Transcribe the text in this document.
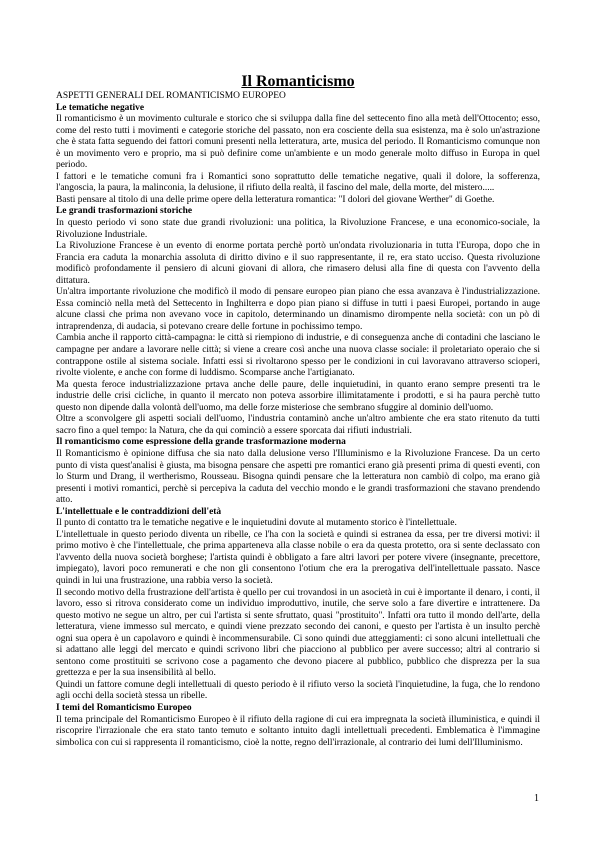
Il Romanticismo
ASPETTI GENERALI DEL ROMANTICISMO EUROPEO
Le tematiche negative
Il romanticismo è un movimento culturale e storico che si sviluppa dalla fine del settecento fino alla metà dell'Ottocento; esso, come del resto tutti i movimenti e categorie storiche del passato, non era cosciente della sua esistenza, ma è solo un'astrazione che è stata fatta seguendo dei fattori comuni presenti nella letteratura, arte, musica del periodo. Il Romanticismo comunque non è un movimento vero e proprio, ma si può definire come un'ambiente e un modo generale molto diffuso in Europa in quel periodo.
I fattori e le tematiche comuni fra i Romantici sono soprattutto delle tematiche negative, quali il dolore, la sofferenza, l'angoscia, la paura, la malinconia, la delusione, il rifiuto della realtà, il fascino del male, della morte, del mistero.....
Basti pensare al titolo di una delle prime opere della letteratura romantica: "I dolori del giovane Werther" di Goethe.
Le grandi trasformazioni storiche
In questo periodo vi sono state due grandi rivoluzioni: una politica, la Rivoluzione Francese, e una economico-sociale, la Rivoluzione Industriale.
La Rivoluzione Francese è un evento di enorme portata perchè portò un'ondata rivoluzionaria in tutta l'Europa, dopo che in Francia era caduta la monarchia assoluta di diritto divino e il suo rappresentante, il re, era stato ucciso. Questa rivoluzione modificò profondamente il pensiero di alcuni giovani di allora, che rimasero delusi alla fine di questa con l'avvento della dittatura.
Un'altra importante rivoluzione che modificò il modo di pensare europeo pian piano che essa avanzava è l'industrializzazione. Essa cominciò nella metà del Settecento in Inghilterra e dopo pian piano si diffuse in tutti i paesi Europei, portando in auge alcune classi che prima non avevano voce in capitolo, determinando un dinamismo dirompente nella società: con un pò di intraprendenza, di audacia, si potevano creare delle fortune in pochissimo tempo.
Cambia anche il rapporto città-campagna: le città si riempiono di industrie, e di conseguenza anche di contadini che lasciano le campagne per andare a lavorare nelle città; si viene a creare così anche una nuova classe sociale: il proletariato operaio che si contrappone ostile al sistema sociale. Infatti essi si rivoltarono spesso per le condizioni in cui lavoravano attraverso scioperi, rivolte violente, e anche con forme di luddismo. Scomparse anche l'artigianato.
Ma questa feroce industrializzazione prtava anche delle paure, delle inquietudini, in quanto erano sempre presenti tra le industrie delle crisi cicliche, in quanto il mercato non poteva assorbire illimitatamente i prodotti, e si ha paura perchè tutto questo non dipende dalla volontà dell'uomo, ma delle forze misteriose che sembrano sfuggire al dominio dell'uomo.
Oltre a sconvolgere gli aspetti sociali dell'uomo, l'industria contaminò anche un'altro ambiente che era stato ritenuto da tutti sacro fino a quel tempo: la Natura, che da qui cominciò a essere sporcata dai rifiuti industriali.
Il romanticismo come espressione della grande trasformazione moderna
Il Romanticismo è opinione diffusa che sia nato dalla delusione verso l'Illuminismo e la Rivoluzione Francese. Da un certo punto di vista quest'analisi è giusta, ma bisogna pensare che aspetti pre romantici erano già presenti prima di questi eventi, con lo Sturm und Drang, il wertherismo, Rousseau. Bisogna quindi pensare che la letteratura non cambiò di colpo, ma erano già presenti i motivi romantici, perchè si percepiva la caduta del vecchio mondo e le grandi trasformazioni che stavano prendendo atto.
L'intellettuale e le contraddizioni dell'età
Il punto di contatto tra le tematiche negative e le inquietudini dovute al mutamento storico è l'intellettuale.
L'intellettuale in questo periodo diventa un ribelle, ce l'ha con la società e quindi si estranea da essa, per tre diversi motivi: il primo motivo è che l'intellettuale, che prima apparteneva alla classe nobile o era da questa protetto, ora si sente declassato con l'avvento della nuova società borghese; l'artista quindi è obbligato a fare altri lavori per potere vivere (insegnante, precettore, impiegato), lavori poco remunerati e che non gli consentono l'otium che era la prerogativa dell'intellettuale passato. Nasce quindi in lui una frustrazione, una rabbia verso la società.
Il secondo motivo della frustrazione dell'artista è quello per cui trovandosi in un asocietà in cui è importante il denaro, i conti, il lavoro, esso si ritrova considerato come un individuo improduttivo, inutile, che serve solo a fare divertire e intrattenere. Da questo motivo ne segue un altro, per cui l'artista si sente sfruttato, quasi "prostituito". Infatti ora tutto il mondo dell'arte, della letteratura, viene immesso sul mercato, e quindi viene prezzato secondo dei canoni, e questo per l'artista è un insulto perchè ogni sua opera è un capolavoro e quindi è incommensurabile. Ci sono quindi due atteggiamenti: ci sono alcuni intellettuali che si adattano alle leggi del mercato e quindi scrivono libri che piacciono al pubblico per avere successo; altri al contrario si sentono come prostituiti se scrivono cose a pagamento che devono piacere al pubblico, pubblico che disprezza per la sua grettezza e per la sua insensibilità al bello.
Quindi un fattore comune degli intellettuali di questo periodo è il rifiuto verso la società l'inquietudine, la fuga, che lo rendono agli occhi della società stessa un ribelle.
I temi del Romanticismo Europeo
Il tema principale del Romanticismo Europeo è il rifiuto della ragione di cui era impregnata la società illuministica, e quindi il riscoprire l'irrazionale che era stato tanto temuto e soltanto intuito dagli intellettuali precedenti. Emblematica è l'immagine simbolica con cui si rappresenta il romanticismo, cioè la notte, regno dell'irrazionale, al contrario dei lumi dell'Illuminismo.
1
